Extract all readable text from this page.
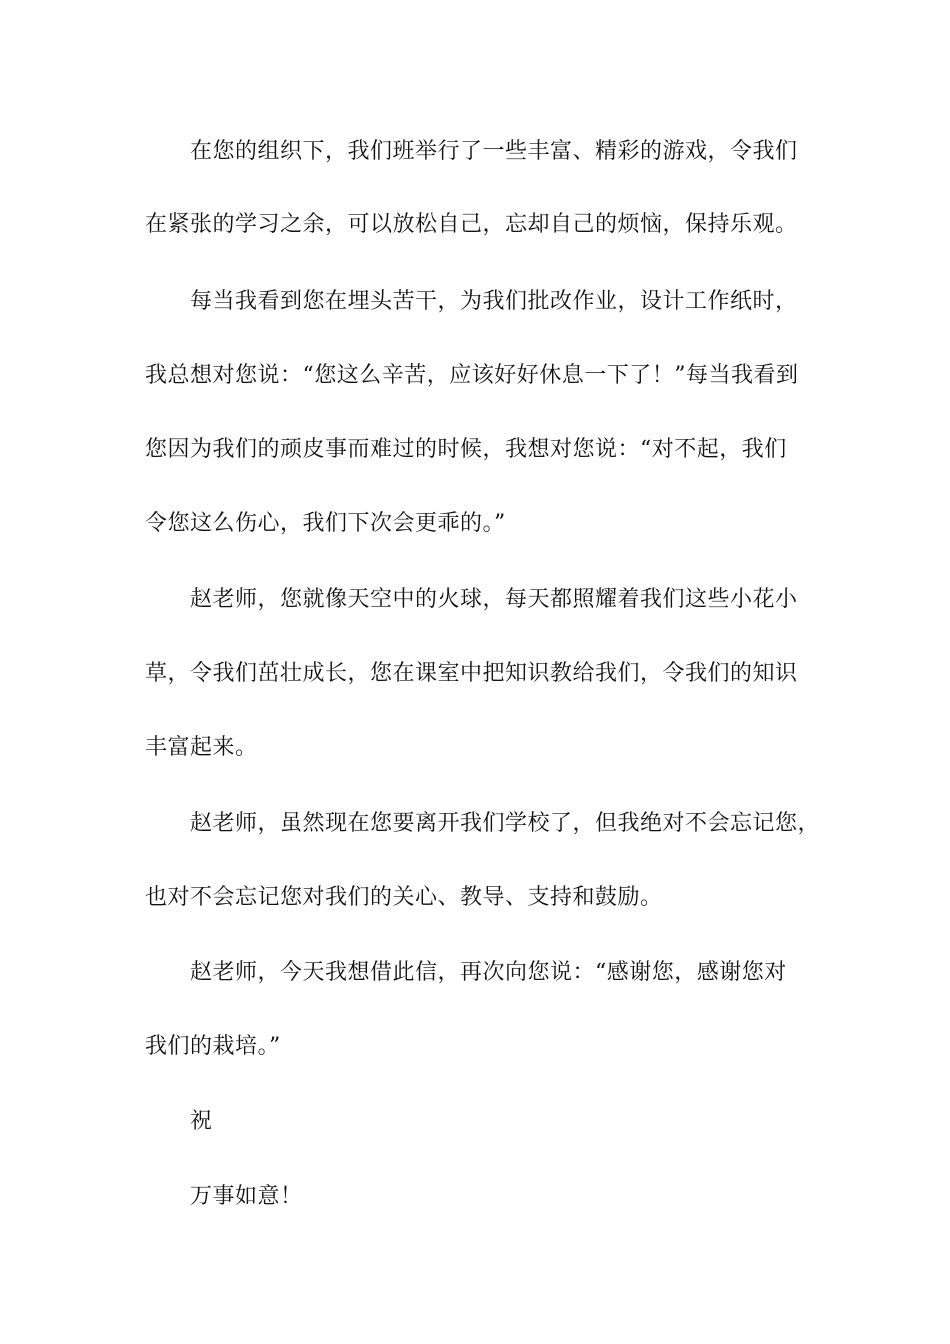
在您的组织下，我们班举行了一些丰富、精彩的游戏，令我们
在紧张的学习之余，可以放松自己，忘却自己的烦恼，保持乐观。
每当我看到您在埋头苦干，为我们批改作业，设计工作纸时，
我总想对您说：“您这么辛苦，应该好好休息一下了！”每当我看到
您因为我们的顽皮事而难过的时候，我想对您说：“对不起，我们
令您这么伤心，我们下次会更乖的。”
赵老师，您就像天空中的火球，每天都照耀着我们这些小花小
草，令我们茁壮成长，您在课室中把知识教给我们，令我们的知识
丰富起来。
赵老师，虽然现在您要离开我们学校了，但我绝对不会忘记您，
也对不会忘记您对我们的关心、教导、支持和鼓励。
赵老师，今天我想借此信，再次向您说：“感谢您，感谢您对
我们的栽培。”
祝
万事如意！
